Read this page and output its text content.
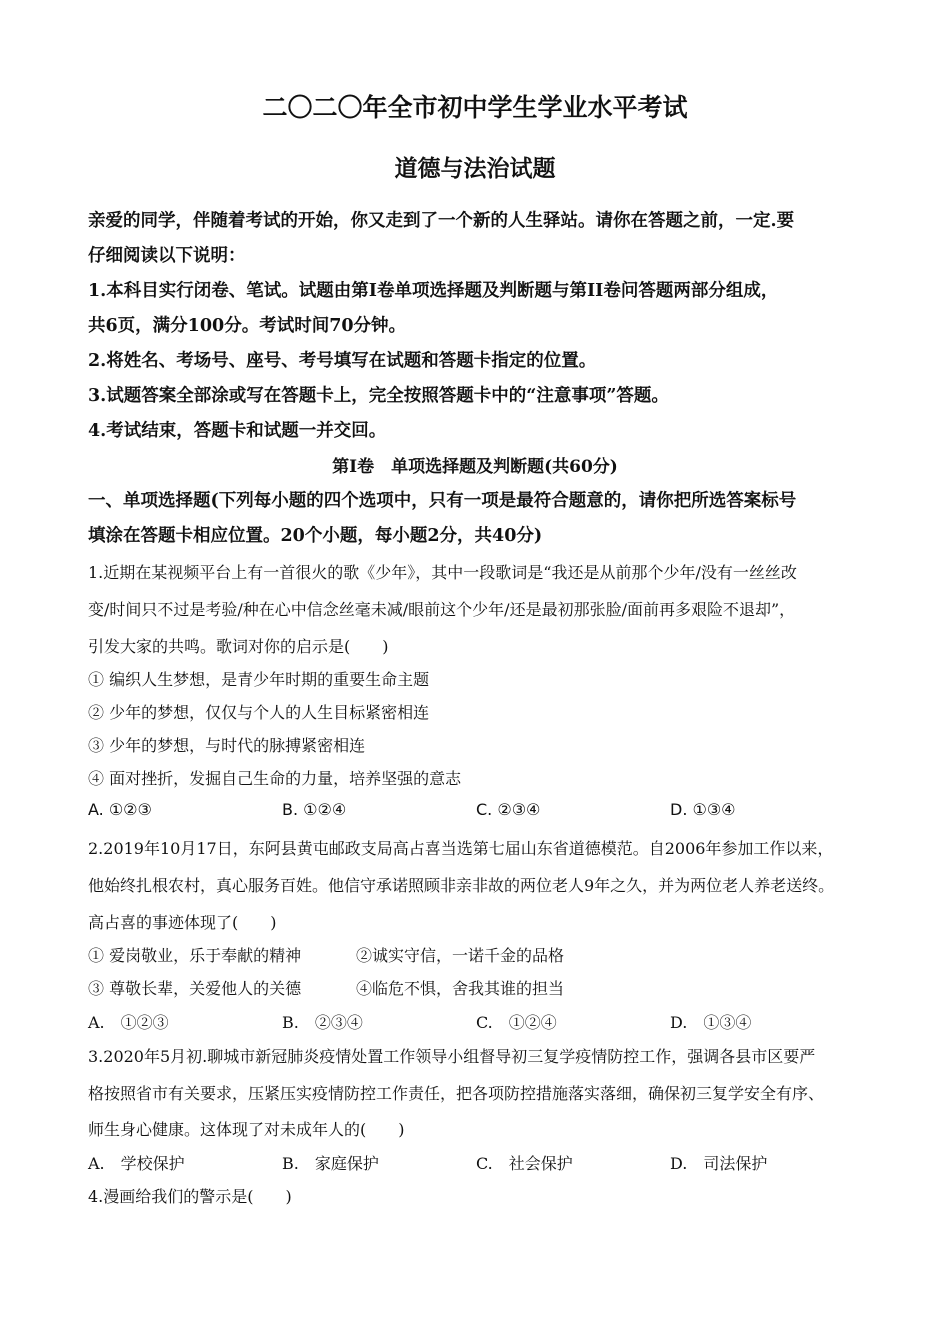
二〇二〇年全市初中学生学业水平考试
道德与法治试题
亲爱的同学，伴随着考试的开始，你又走到了一个新的人生驿站。请你在答题之前，一定.要
仔细阅读以下说明：
1.本科目实行闭卷、笔试。试题由第Ⅰ卷单项选择题及判断题与第II卷问答题两部分组成，
共6页，满分100分。考试时间70分钟。
2.将姓名、考场号、座号、考号填写在试题和答题卡指定的位置。
3.试题答案全部涂或写在答题卡上，完全按照答题卡中的“注意事项”答题。
4.考试结束，答题卡和试题一并交回。
第Ⅰ卷　单项选择题及判断题(共60分)
一、单项选择题(下列每小题的四个选项中，只有一项是最符合题意的，请你把所选答案标号
填涂在答题卡相应位置。20个小题，每小题2分，共40分)
1.近期在某视频平台上有一首很火的歌《少年》，其中一段歌词是“我还是从前那个少年/没有一丝丝改
变/时间只不过是考验/种在心中信念丝毫未减/眼前这个少年/还是最初那张脸/面前再多艰险不退却”，
引发大家的共鸣。歌词对你的启示是(　　)
① 编织人生梦想，是青少年时期的重要生命主题
② 少年的梦想，仅仅与个人的人生目标紧密相连
③ 少年的梦想，与时代的脉搏紧密相连
④ 面对挫折，发掘自己生命的力量，培养坚强的意志
A. ①②③	B. ①②④	C. ②③④	D. ①③④
2.2019年10月17日，东阿县黄屯邮政支局高占喜当选第七届山东省道德模范。自2006年参加工作以来，
他始终扎根农村，真心服务百姓。他信守承诺照顾非亲非故的两位老人9年之久，并为两位老人养老送终。
高占喜的事迹体现了(　　)
① 爱岗敬业，乐于奉献的精神	②诚实守信，一诺千金的品格
③ 尊敬长辈，关爱他人的关德	④临危不惧，舍我其谁的担当
A.　①②③	B.　②③④	C.　①②④	D.　①③④
3.2020年5月初.聊城市新冠肺炎疫情处置工作领导小组督导初三复学疫情防控工作，强调各县市区要严
格按照省市有关要求，压紧压实疫情防控工作责任，把各项防控措施落实落细，确保初三复学安全有序、
师生身心健康。这体现了对未成年人的(　　)
A.　学校保护	B.　家庭保护	C.　社会保护	D.　司法保护
4.漫画给我们的警示是(　　)
